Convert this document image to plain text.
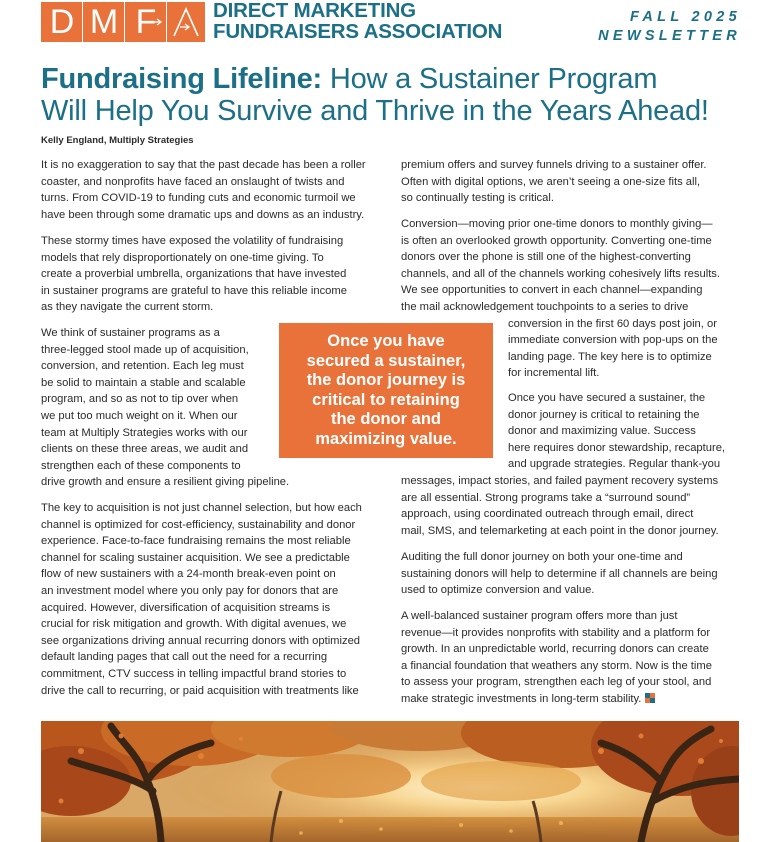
D M F	DIRECT MARKETING
FUNDRAISERS ASSOCIATION
FALL 2025
NEWSLETTER
Fundraising Lifeline: How a Sustainer Program
Will Help You Survive and Thrive in the Years Ahead!
Kelly England, Multiply Strategies
It is no exaggeration to say that the past decade has been a roller
coaster, and nonprofits have faced an onslaught of twists and
turns. From COVID-19 to funding cuts and economic turmoil we
have been through some dramatic ups and downs as an industry.
These stormy times have exposed the volatility of fundraising
models that rely disproportionately on one-time giving. To
create a proverbial umbrella, organizations that have invested
in sustainer programs are grateful to have this reliable income
as they navigate the current storm.
We think of sustainer programs as a
three-legged stool made up of acquisition,
conversion, and retention. Each leg must
be solid to maintain a stable and scalable
program, and so as not to tip over when
we put too much weight on it. When our
team at Multiply Strategies works with our
clients on these three areas, we audit and
strengthen each of these components to
drive growth and ensure a resilient giving pipeline.
The key to acquisition is not just channel selection, but how each
channel is optimized for cost-efficiency, sustainability and donor
experience. Face-to-face fundraising remains the most reliable
channel for scaling sustainer acquisition. We see a predictable
flow of new sustainers with a 24-month break-even point on
an investment model where you only pay for donors that are
acquired. However, diversification of acquisition streams is
crucial for risk mitigation and growth. With digital avenues, we
see organizations driving annual recurring donors with optimized
default landing pages that call out the need for a recurring
commitment, CTV success in telling impactful brand stories to
drive the call to recurring, or paid acquisition with treatments like
Once you have
secured a sustainer,
the donor journey is
critical to retaining
the donor and
maximizing value.
premium offers and survey funnels driving to a sustainer offer.
Often with digital options, we aren’t seeing a one-size fits all,
so continually testing is critical.
Conversion—moving prior one-time donors to monthly giving—
is often an overlooked growth opportunity. Converting one-time
donors over the phone is still one of the highest-converting
channels, and all of the channels working cohesively lifts results.
We see opportunities to convert in each channel—expanding
the mail acknowledgement touchpoints to a series to drive
conversion in the first 60 days post join, or
immediate conversion with pop-ups on the
landing page. The key here is to optimize
for incremental lift.
Once you have secured a sustainer, the
donor journey is critical to retaining the
donor and maximizing value. Success
here requires donor stewardship, recapture,
and upgrade strategies. Regular thank-you
messages, impact stories, and failed payment recovery systems
are all essential. Strong programs take a “surround sound”
approach, using coordinated outreach through email, direct
mail, SMS, and telemarketing at each point in the donor journey.
Auditing the full donor journey on both your one-time and
sustaining donors will help to determine if all channels are being
used to optimize conversion and value.
A well-balanced sustainer program offers more than just
revenue—it provides nonprofits with stability and a platform for
growth. In an unpredictable world, recurring donors can create
a financial foundation that weathers any storm. Now is the time
to assess your program, strengthen each leg of your stool, and
make strategic investments in long-term stability.
